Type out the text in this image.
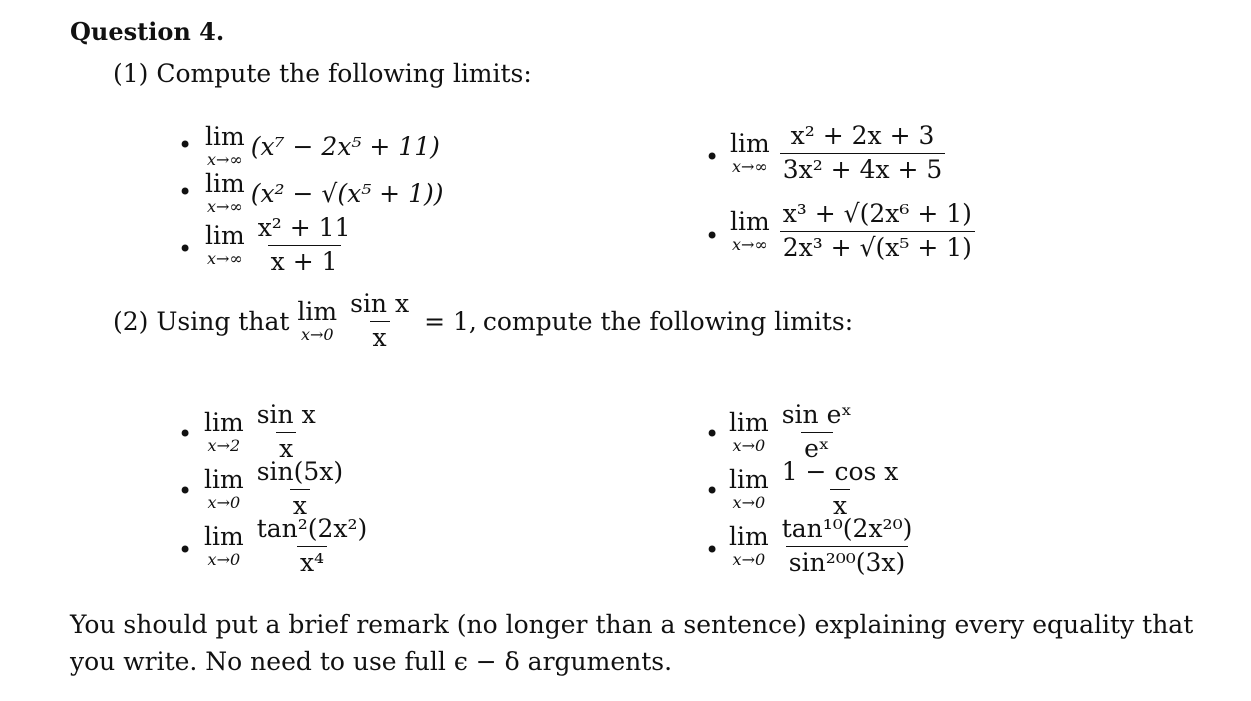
Question 4.
(1) Compute the following limits:
• lim
x→∞ (x⁷ − 2x⁵ + 11)
• lim
x→∞ (x² − √(x⁵ + 1))
• lim
$x\to\infty \frac{\text{x² + 11}}{x + 1}$
• lim
$x\to\infty \frac{\text{x² + 2x + 3}}{\text{3x² + 4x + 5}}$
• lim
$x\to\infty \frac{\text{x³ + √(2x⁶ + 1)}}{\text{2x³ + √(x⁵ + 1)}}$
(2) Using that lim
$x\to 0 \frac{\text{sin x}}{x} = 1$, compute the following limits:
• lim
$x\to 2 \frac{\text{sin x}}{x}$
• lim
$x\to 0 \frac{\sin(5x)}{x}$
• lim
$x\to 0 \frac{\text{tan²(2x²)}}{\text{x⁴}}$
• lim
$x\to 0 \frac{\text{sin eˣ}}{\text{eˣ}}$
• lim
$x\to 0 \frac{\text{1 − cos x}}{x}$
• lim
$x\to 0 \frac{\text{tan¹⁰(2x²⁰)}}{\text{sin²⁰⁰(3x)}}$
You should put a brief remark (no longer than a sentence) explaining every equality that you write. No need to use full ϵ − δ arguments.
